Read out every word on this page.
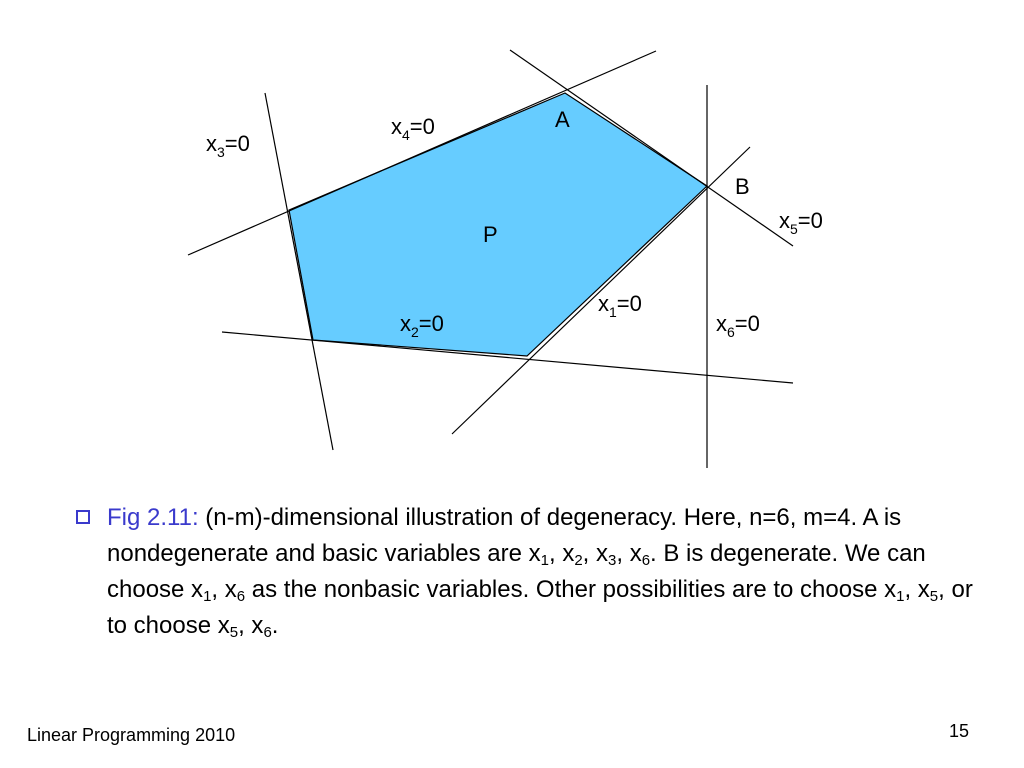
A
B
P
$x_4=0$
$x_3=0$
$x_5=0$
$x_1=0$
$x_2=0$	$x_6=0$
Fig 2.11: (n-m)-dimensional illustration of degeneracy. Here, n=6, m=4. A is nondegenerate and basic variables are $x_1$, $x_2$, $x_3$, $x_6$. B is degenerate. We can choose $x_1$, $x_6$ as the nonbasic variables. Other possibilities are to choose $x_1$, $x_5$, or to choose $x_5$, $x_6$.
Linear Programming 2010	15
